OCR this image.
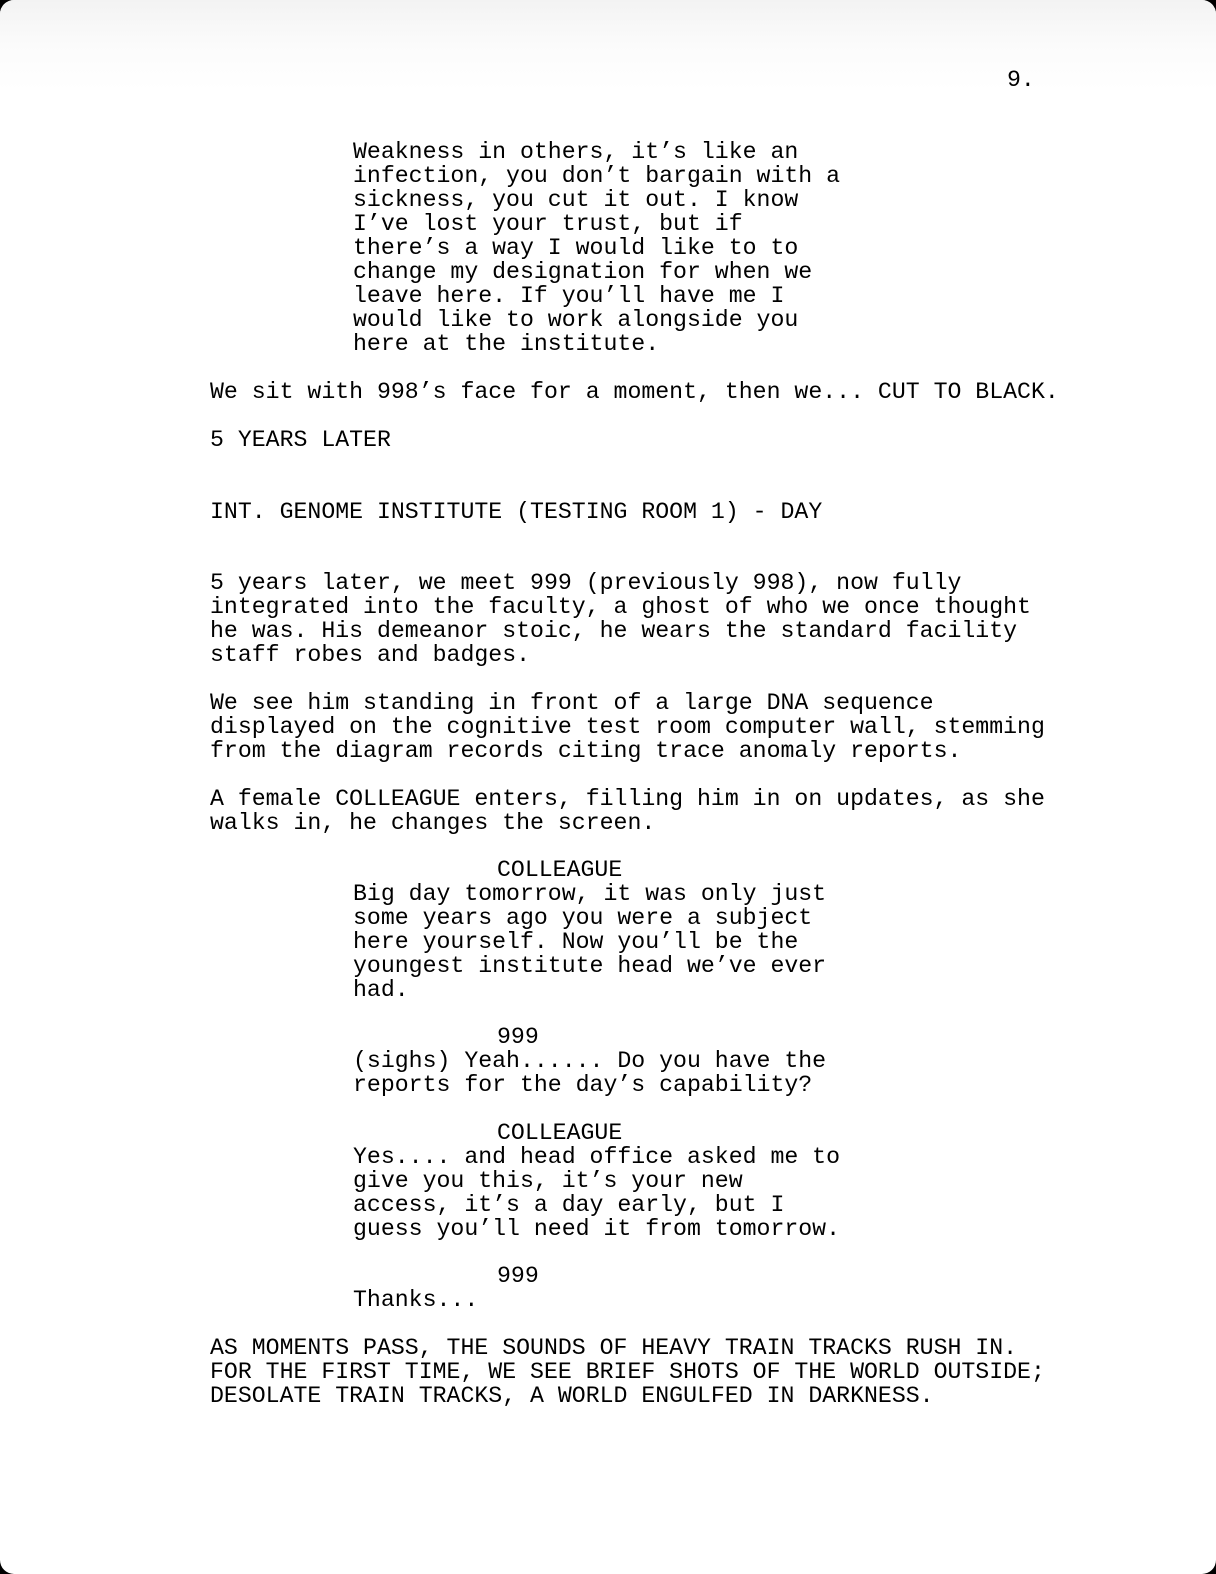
9.

Weakness in others, it’s like an
infection, you don’t bargain with a
sickness, you cut it out. I know
I’ve lost your trust, but if
there’s a way I would like to to
change my designation for when we
leave here. If you’ll have me I
would like to work alongside you
here at the institute.

We sit with 998’s face for a moment, then we... CUT TO BLACK.

5 YEARS LATER

INT. GENOME INSTITUTE (TESTING ROOM 1) - DAY

5 years later, we meet 999 (previously 998), now fully
integrated into the faculty, a ghost of who we once thought
he was. His demeanor stoic, he wears the standard facility
staff robes and badges.

We see him standing in front of a large DNA sequence
displayed on the cognitive test room computer wall, stemming
from the diagram records citing trace anomaly reports.

A female COLLEAGUE enters, filling him in on updates, as she
walks in, he changes the screen.

COLLEAGUE

Big day tomorrow, it was only just
some years ago you were a subject
here yourself. Now you’ll be the
youngest institute head we’ve ever
had.

999

(sighs) Yeah...... Do you have the
reports for the day’s capability?

COLLEAGUE

Yes.... and head office asked me to
give you this, it’s your new
access, it’s a day early, but I
guess you’ll need it from tomorrow.

999

Thanks...

AS MOMENTS PASS, THE SOUNDS OF HEAVY TRAIN TRACKS RUSH IN.
FOR THE FIRST TIME, WE SEE BRIEF SHOTS OF THE WORLD OUTSIDE;
DESOLATE TRAIN TRACKS, A WORLD ENGULFED IN DARKNESS.
